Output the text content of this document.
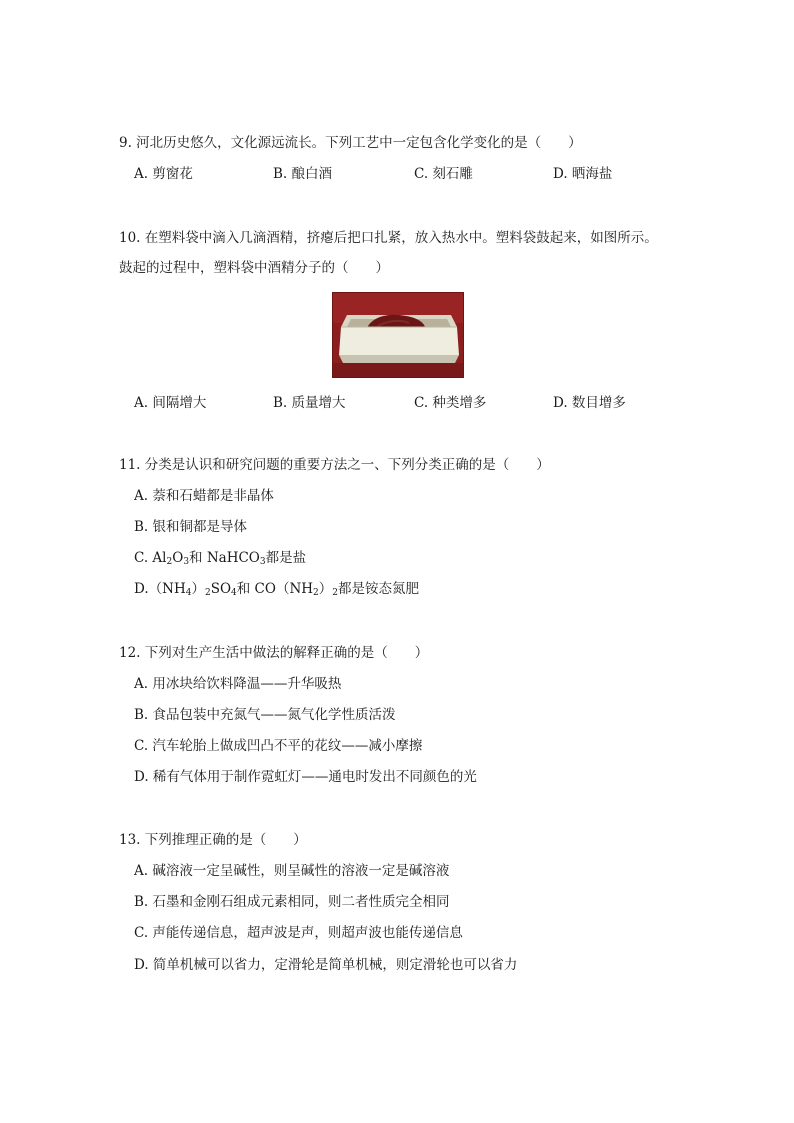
9. 河北历史悠久，文化源远流长。下列工艺中一定包含化学变化的是（　　）
A. 剪窗花	B. 酿白酒	C. 刻石雕	D. 晒海盐
10. 在塑料袋中滴入几滴酒精，挤瘪后把口扎紧，放入热水中。塑料袋鼓起来，如图所示。
鼓起的过程中，塑料袋中酒精分子的（　　）
A. 间隔增大	B. 质量增大	C. 种类增多	D. 数目增多
11. 分类是认识和研究问题的重要方法之一、下列分类正确的是（　　）
A. 萘和石蜡都是非晶体
B. 银和铜都是导体
C. $Al_2O_3$和 NaHCO$_3$都是盐
$D.(NH_4)_2SO_4$和 $CO(NH_2)_2$都是铵态氮肥
12. 下列对生产生活中做法的解释正确的是（　　）
A. 用冰块给饮料降温——升华吸热
B. 食品包装中充氮气——氮气化学性质活泼
C. 汽车轮胎上做成凹凸不平的花纹——减小摩擦
D. 稀有气体用于制作霓虹灯——通电时发出不同颜色的光
13. 下列推理正确的是（　　）
A. 碱溶液一定呈碱性，则呈碱性的溶液一定是碱溶液
B. 石墨和金刚石组成元素相同，则二者性质完全相同
C. 声能传递信息，超声波是声，则超声波也能传递信息
D. 简单机械可以省力，定滑轮是简单机械，则定滑轮也可以省力
